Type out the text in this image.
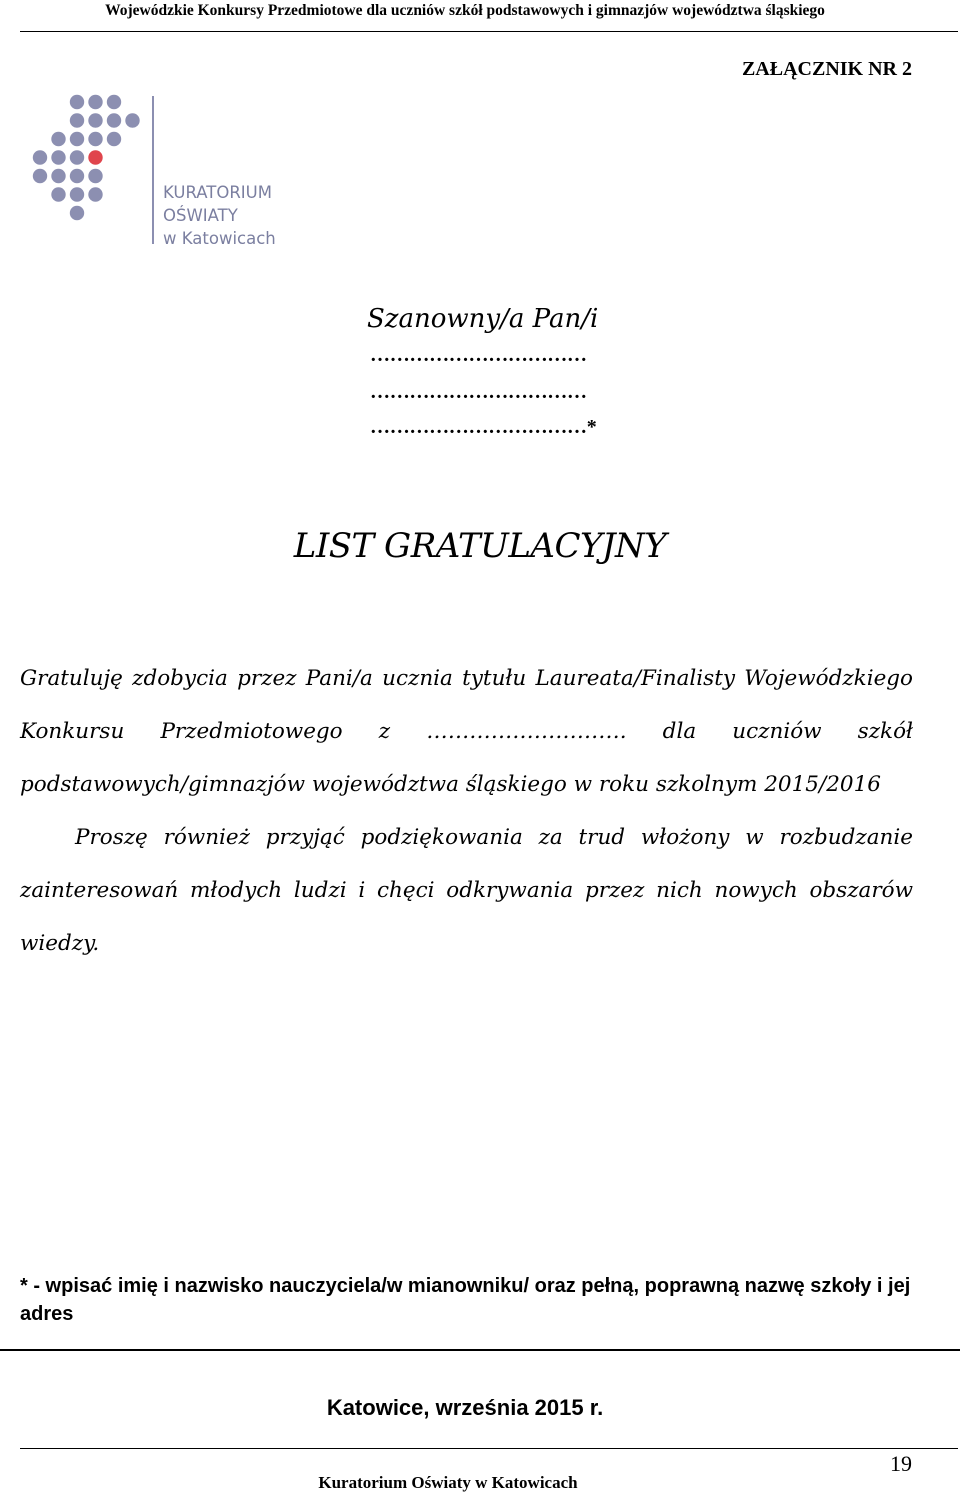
Wojewódzkie Konkursy Przedmiotowe dla uczniów szkół podstawowych i gimnazjów województwa śląskiego
ZAŁĄCZNIK NR 2
KURATORIUM
OŚWIATY
w Katowicach
Szanowny/a Pan/i
……………………………
……………………………
……………………………*
LIST GRATULACYJNY

Gratuluję zdobycia przez Pani/a ucznia tytułu Laureata/Finalisty Wojewódzkiego Konkursu Przedmiotowego z ………………………. dla uczniów szkół podstawowych/gimnazjów województwa śląskiego w roku szkolnym 2015/2016

Proszę również przyjąć podziękowania za trud włożony w rozbudzanie zainteresowań młodych ludzi i chęci odkrywania przez nich nowych obszarów wiedzy.

* - wpisać imię i nazwisko nauczyciela/w mianowniku/ oraz pełną, poprawną nazwę szkoły i jej adres
Katowice, września 2015 r.
Kuratorium Oświaty w Katowicach
19
